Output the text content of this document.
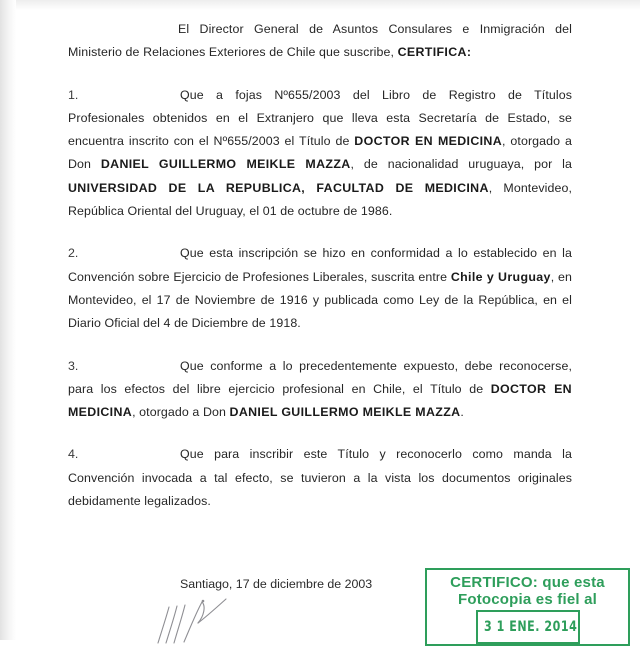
El Director General de Asuntos Consulares e Inmigración del Ministerio de Relaciones Exteriores de Chile que suscribe, CERTIFICA:

1.	Que a fojas Nº655/2003 del Libro de Registro de Títulos Profesionales obtenidos en el Extranjero que lleva esta Secretaría de Estado, se encuentra inscrito con el Nº655/2003 el Título de DOCTOR EN MEDICINA, otorgado a Don DANIEL GUILLERMO MEIKLE MAZZA, de nacionalidad uruguaya, por la UNIVERSIDAD DE LA REPUBLICA, FACULTAD DE MEDICINA, Montevideo, República Oriental del Uruguay, el 01 de octubre de 1986.

2.	Que esta inscripción se hizo en conformidad a lo establecido en la Convención sobre Ejercicio de Profesiones Liberales, suscrita entre Chile y Uruguay, en Montevideo, el 17 de Noviembre de 1916 y publicada como Ley de la República, en el Diario Oficial del 4 de Diciembre de 1918.

3.	Que conforme a lo precedentemente expuesto, debe reconocerse, para los efectos del libre ejercicio profesional en Chile, el Título de DOCTOR EN MEDICINA, otorgado a Don DANIEL GUILLERMO MEIKLE MAZZA.

4.	Que para inscribir este Título y reconocerlo como manda la Convención invocada a tal efecto, se tuvieron a la vista los documentos originales debidamente legalizados.

Santiago, 17 de diciembre de 2003	CERTIFICO: que esta
Fotocopia es fiel al
3 1 ENE. 2014
